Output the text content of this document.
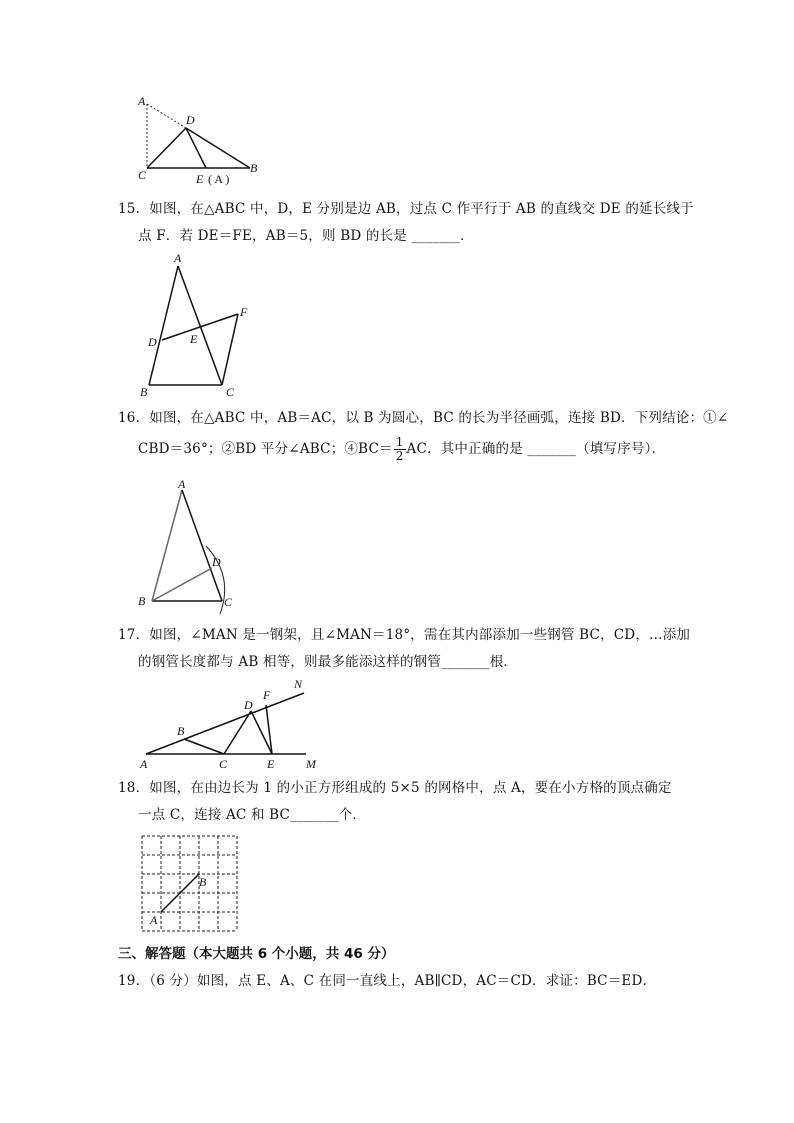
A
D
C	E ( A )
B
15．如图，在△ABC 中，D，E 分别是边 AB，过点 C 作平行于 AB 的直线交 DE 的延长线于
点 F．若 DE＝FE，AB＝5，则 BD 的长是 _______．
A
F
D	E
B	C
16．如图，在△ABC 中，AB＝AC，以 B 为圆心，BC 的长为半径画弧，连接 BD．下列结论：①∠
CBD＝36°；②BD 平分∠ABC；④BC＝ $\frac{1}{2}$ AC．其中正确的是 _______（填写序号）．
A
D
B	C
17．如图，∠MAN 是一钢架，且∠MAN＝18°，需在其内部添加一些钢管 BC，CD，…添加
的钢管长度都与 AB 相等，则最多能添这样的钢管_______根．
N
F
D
B
A	C	E	M
18．如图，在由边长为 1 的小正方形组成的 5×5 的网格中，点 A，要在小方格的顶点确定
一点 C，连接 AC 和 BC_______个．
A
B
三、解答题（本大题共 6 个小题，共 46 分）
19．（6 分）如图，点 E、A、C 在同一直线上，AB∥CD，AC＝CD．求证：BC＝ED．
